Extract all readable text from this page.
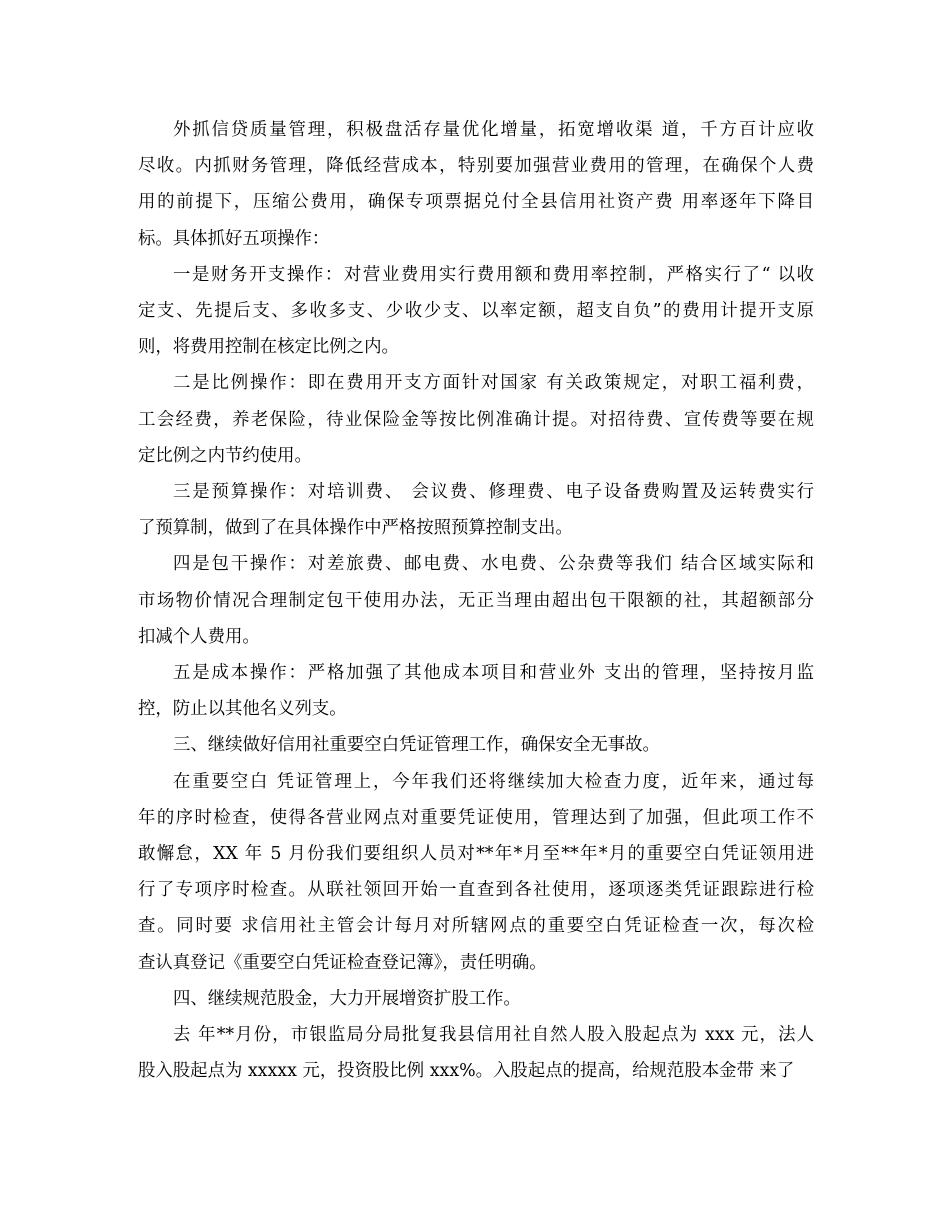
外抓信贷质量管理，积极盘活存量优化增量，拓宽增收渠 道，千方百计应收
尽收。内抓财务管理，降低经营成本，特别要加强营业费用的管理，在确保个人费
用的前提下，压缩公费用，确保专项票据兑付全县信用社资产费 用率逐年下降目
标。具体抓好五项操作：
一是财务开支操作：对营业费用实行费用额和费用率控制，严格实行了“ 以收
定支、先提后支、多收多支、少收少支、以率定额，超支自负”的费用计提开支原
则，将费用控制在核定比例之内。
二是比例操作：即在费用开支方面针对国家 有关政策规定，对职工福利费，
工会经费，养老保险，待业保险金等按比例准确计提。对招待费、宣传费等要在规
定比例之内节约使用。
三是预算操作：对培训费、 会议费、修理费、电子设备费购置及运转费实行
了预算制，做到了在具体操作中严格按照预算控制支出。
四是包干操作：对差旅费、邮电费、水电费、公杂费等我们 结合区域实际和
市场物价情况合理制定包干使用办法，无正当理由超出包干限额的社，其超额部分
扣减个人费用。
五是成本操作：严格加强了其他成本项目和营业外 支出的管理，坚持按月监
控，防止以其他名义列支。
三、继续做好信用社重要空白凭证管理工作，确保安全无事故。
在重要空白 凭证管理上，今年我们还将继续加大检查力度，近年来，通过每
年的序时检查，使得各营业网点对重要凭证使用，管理达到了加强，但此项工作不
敢懈怠，XX 年 5 月份我们要组织人员对**年*月至**年*月的重要空白凭证领用进
行了专项序时检查。从联社领回开始一直查到各社使用，逐项逐类凭证跟踪进行检
查。同时要 求信用社主管会计每月对所辖网点的重要空白凭证检查一次，每次检
查认真登记《重要空白凭证检查登记簿》，责任明确。
四、继续规范股金，大力开展增资扩股工作。
去 年**月份，市银监局分局批复我县信用社自然人股入股起点为 xxx 元，法人
股入股起点为 xxxxx 元，投资股比例 xxx%。入股起点的提高，给规范股本金带 来了
